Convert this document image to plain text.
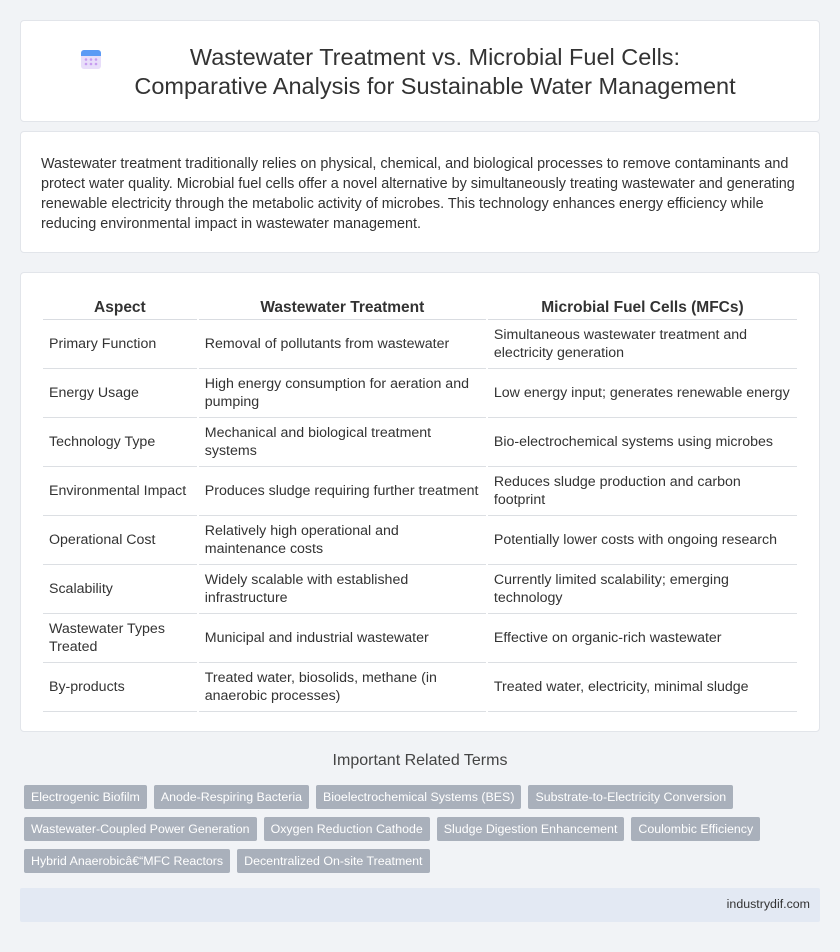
Wastewater Treatment vs. Microbial Fuel Cells: Comparative Analysis for Sustainable Water Management

Wastewater treatment traditionally relies on physical, chemical, and biological processes to remove contaminants and protect water quality. Microbial fuel cells offer a novel alternative by simultaneously treating wastewater and generating renewable electricity through the metabolic activity of microbes. This technology enhances energy efficiency while reducing environmental impact in wastewater management.

Aspect	Wastewater Treatment	Microbial Fuel Cells (MFCs)
Primary Function	Removal of pollutants from wastewater	Simultaneous wastewater treatment and electricity generation
Energy Usage	High energy consumption for aeration and pumping	Low energy input; generates renewable energy
Technology Type	Mechanical and biological treatment systems	Bio-electrochemical systems using microbes
Environmental Impact	Produces sludge requiring further treatment	Reduces sludge production and carbon footprint
Operational Cost	Relatively high operational and maintenance costs	Potentially lower costs with ongoing research
Scalability	Widely scalable with established infrastructure	Currently limited scalability; emerging technology
Wastewater Types Treated	Municipal and industrial wastewater	Effective on organic-rich wastewater
By-products	Treated water, biosolids, methane (in anaerobic processes)	Treated water, electricity, minimal sludge
Important Related Terms
Electrogenic Biofilm	Anode-Respiring Bacteria	Bioelectrochemical Systems (BES)	Substrate-to-Electricity Conversion
Wastewater-Coupled Power Generation	Oxygen Reduction Cathode	Sludge Digestion Enhancement	Coulombic Efficiency
Hybrid Anaerobicâ€“MFC Reactors	Decentralized On-site Treatment
industrydif.com
